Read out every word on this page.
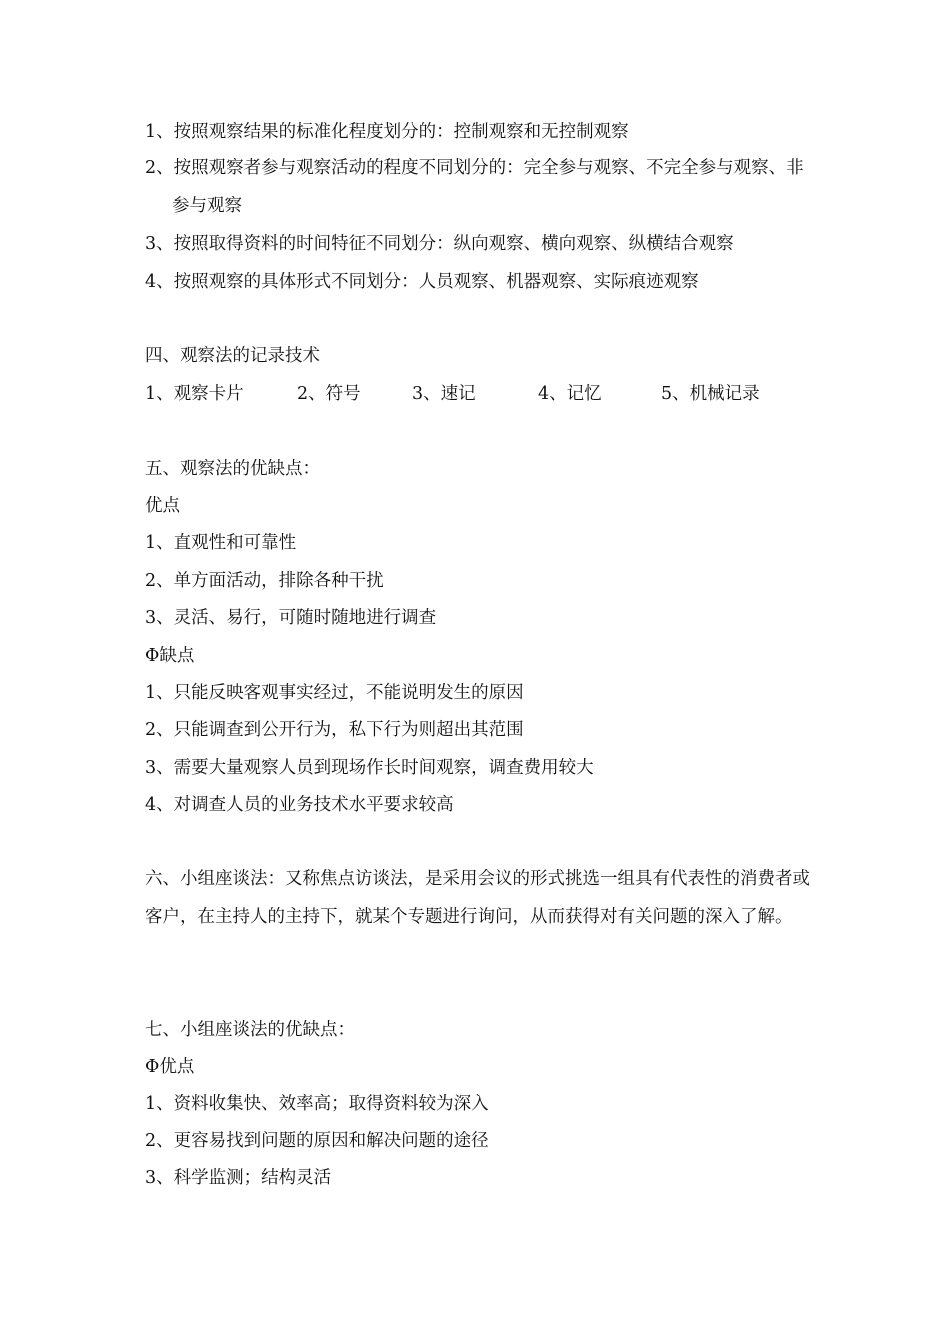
1、按照观察结果的标准化程度划分的：控制观察和无控制观察
2、按照观察者参与观察活动的程度不同划分的：完全参与观察、不完全参与观察、非参与观察
3、按照取得资料的时间特征不同划分：纵向观察、横向观察、纵横结合观察
4、按照观察的具体形式不同划分：人员观察、机器观察、实际痕迹观察
四、观察法的记录技术
1、观察卡片	2、符号	3、速记	4、记忆	5、机械记录
五、观察法的优缺点：
优点
1、直观性和可靠性
2、单方面活动，排除各种干扰
3、灵活、易行，可随时随地进行调查
Φ缺点
1、只能反映客观事实经过，不能说明发生的原因
2、只能调查到公开行为，私下行为则超出其范围
3、需要大量观察人员到现场作长时间观察，调查费用较大
4、对调查人员的业务技术水平要求较高
六、小组座谈法：又称焦点访谈法，是采用会议的形式挑选一组具有代表性的消费者或客户，在主持人的主持下，就某个专题进行询问，从而获得对有关问题的深入了解。
七、小组座谈法的优缺点：
Φ优点
1、资料收集快、效率高；取得资料较为深入
2、更容易找到问题的原因和解决问题的途径
3、科学监测；结构灵活
